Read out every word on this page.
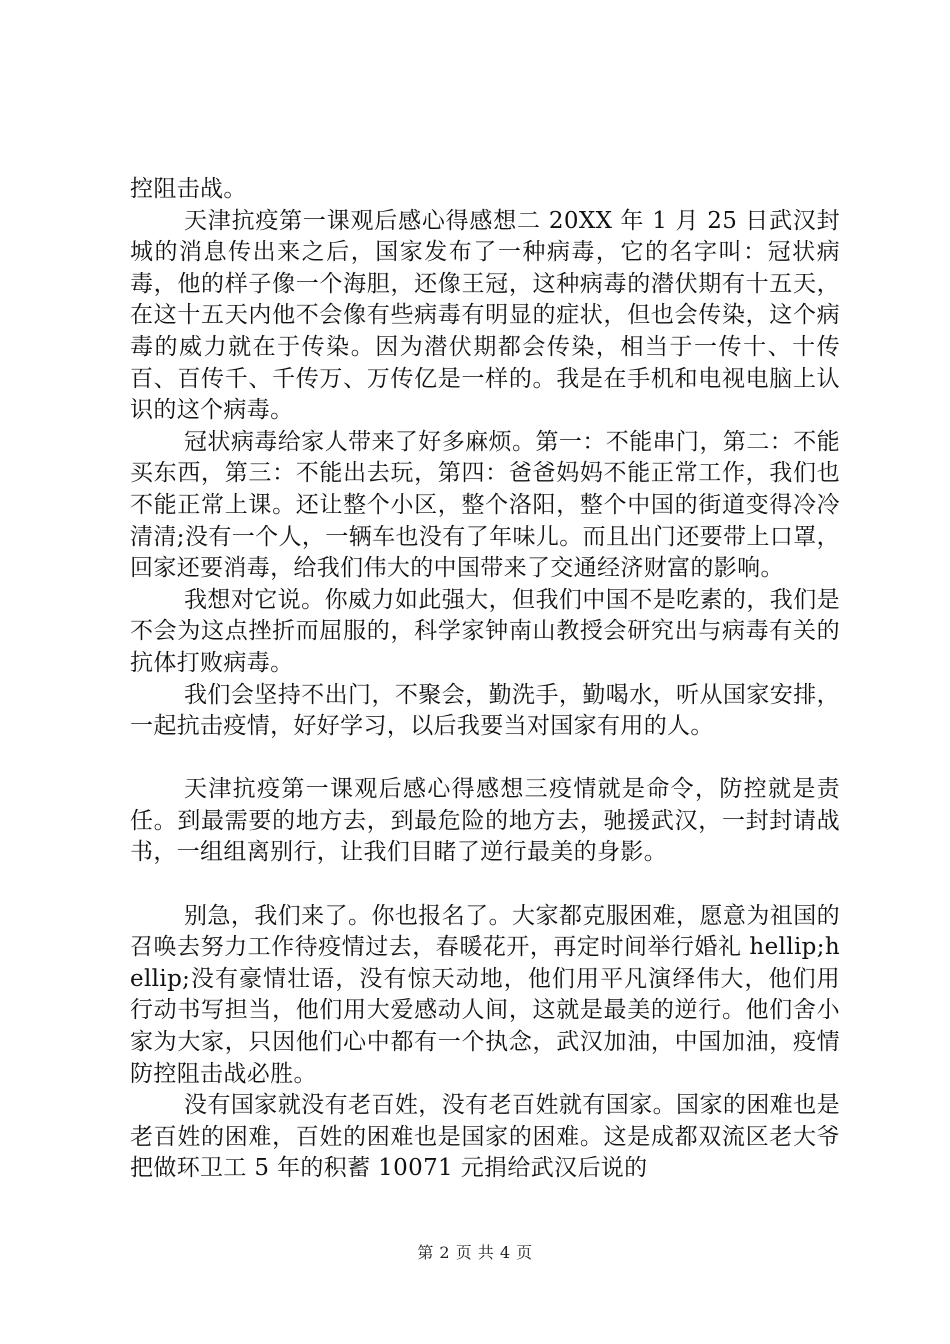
控阻击战。

天津抗疫第一课观后感心得感想二 20XX 年 1 月 25 日武汉封城的消息传出来之后，国家发布了一种病毒，它的名字叫：冠状病毒，他的样子像一个海胆，还像王冠，这种病毒的潜伏期有十五天，在这十五天内他不会像有些病毒有明显的症状，但也会传染，这个病毒的威力就在于传染。因为潜伏期都会传染，相当于一传十、十传百、百传千、千传万、万传亿是一样的。我是在手机和电视电脑上认识的这个病毒。

冠状病毒给家人带来了好多麻烦。第一：不能串门，第二：不能买东西，第三：不能出去玩，第四：爸爸妈妈不能正常工作，我们也不能正常上课。还让整个小区，整个洛阳，整个中国的街道变得冷冷清清;没有一个人，一辆车也没有了年味儿。而且出门还要带上口罩，回家还要消毒，给我们伟大的中国带来了交通经济财富的影响。

我想对它说。你威力如此强大，但我们中国不是吃素的，我们是不会为这点挫折而屈服的，科学家钟南山教授会研究出与病毒有关的抗体打败病毒。

我们会坚持不出门，不聚会，勤洗手，勤喝水，听从国家安排，一起抗击疫情，好好学习，以后我要当对国家有用的人。

天津抗疫第一课观后感心得感想三疫情就是命令，防控就是责任。到最需要的地方去，到最危险的地方去，驰援武汉，一封封请战书，一组组离别行，让我们目睹了逆行最美的身影。

别急，我们来了。你也报名了。大家都克服困难，愿意为祖国的召唤去努力工作待疫情过去，春暖花开，再定时间举行婚礼 hellip;hellip;没有豪情壮语，没有惊天动地，他们用平凡演绎伟大，他们用行动书写担当，他们用大爱感动人间，这就是最美的逆行。他们舍小家为大家，只因他们心中都有一个执念，武汉加油，中国加油，疫情防控阻击战必胜。

没有国家就没有老百姓，没有老百姓就有国家。国家的困难也是老百姓的困难，百姓的困难也是国家的困难。这是成都双流区老大爷把做环卫工 5 年的积蓄 10071 元捐给武汉后说的

第 2 页 共 4 页
